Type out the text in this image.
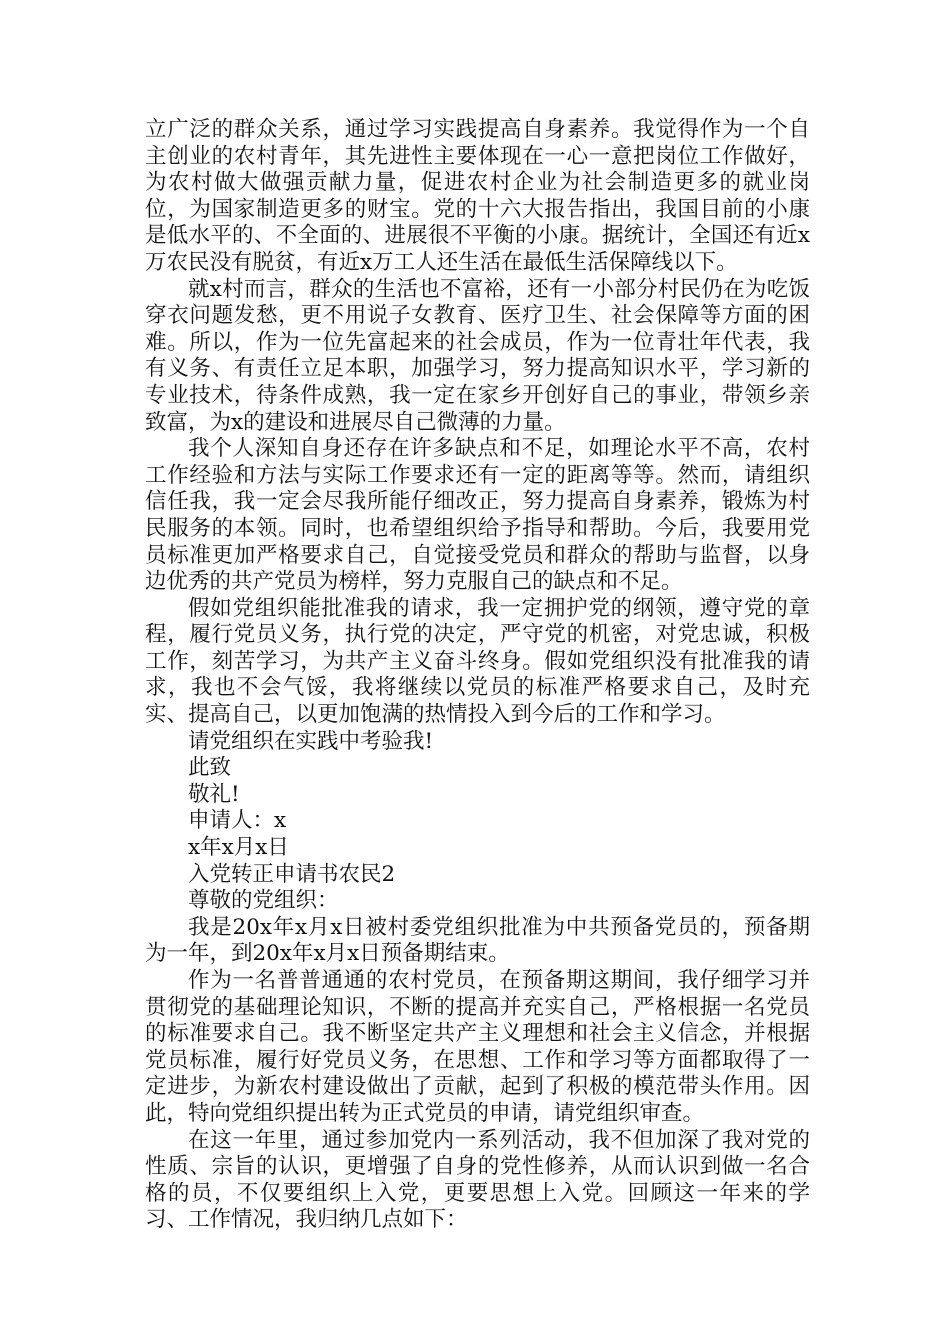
立广泛的群众关系，通过学习实践提高自身素养。我觉得作为一个自主创业的农村青年，其先进性主要体现在一心一意把岗位工作做好，为农村做大做强贡献力量，促进农村企业为社会制造更多的就业岗位，为国家制造更多的财宝。党的十六大报告指出，我国目前的小康是低水平的、不全面的、进展很不平衡的小康。据统计，全国还有近x万农民没有脱贫，有近x万工人还生活在最低生活保障线以下。

就x村而言，群众的生活也不富裕，还有一小部分村民仍在为吃饭穿衣问题发愁，更不用说子女教育、医疗卫生、社会保障等方面的困难。所以，作为一位先富起来的社会成员，作为一位青壮年代表，我有义务、有责任立足本职，加强学习，努力提高知识水平，学习新的专业技术，待条件成熟，我一定在家乡开创好自己的事业，带领乡亲致富，为x的建设和进展尽自己微薄的力量。

我个人深知自身还存在许多缺点和不足，如理论水平不高，农村工作经验和方法与实际工作要求还有一定的距离等等。然而，请组织信任我，我一定会尽我所能仔细改正，努力提高自身素养，锻炼为村民服务的本领。同时，也希望组织给予指导和帮助。今后，我要用党员标准更加严格要求自己，自觉接受党员和群众的帮助与监督，以身边优秀的共产党员为榜样，努力克服自己的缺点和不足。

假如党组织能批准我的请求，我一定拥护党的纲领，遵守党的章程，履行党员义务，执行党的决定，严守党的机密，对党忠诚，积极工作，刻苦学习，为共产主义奋斗终身。假如党组织没有批准我的请求，我也不会气馁，我将继续以党员的标准严格要求自己，及时充实、提高自己，以更加饱满的热情投入到今后的工作和学习。

请党组织在实践中考验我!

此致

敬礼!

申请人：x

x年x月x日

入党转正申请书农民2

尊敬的党组织：

我是20x年x月x日被村委党组织批准为中共预备党员的，预备期为一年，到20x年x月x日预备期结束。

作为一名普普通通的农村党员，在预备期这期间，我仔细学习并贯彻党的基础理论知识，不断的提高并充实自己，严格根据一名党员的标准要求自己。我不断坚定共产主义理想和社会主义信念，并根据党员标准，履行好党员义务，在思想、工作和学习等方面都取得了一定进步，为新农村建设做出了贡献，起到了积极的模范带头作用。因此，特向党组织提出转为正式党员的申请，请党组织审查。

在这一年里，通过参加党内一系列活动，我不但加深了我对党的性质、宗旨的认识，更增强了自身的党性修养，从而认识到做一名合格的员，不仅要组织上入党，更要思想上入党。回顾这一年来的学习、工作情况，我归纳几点如下：
